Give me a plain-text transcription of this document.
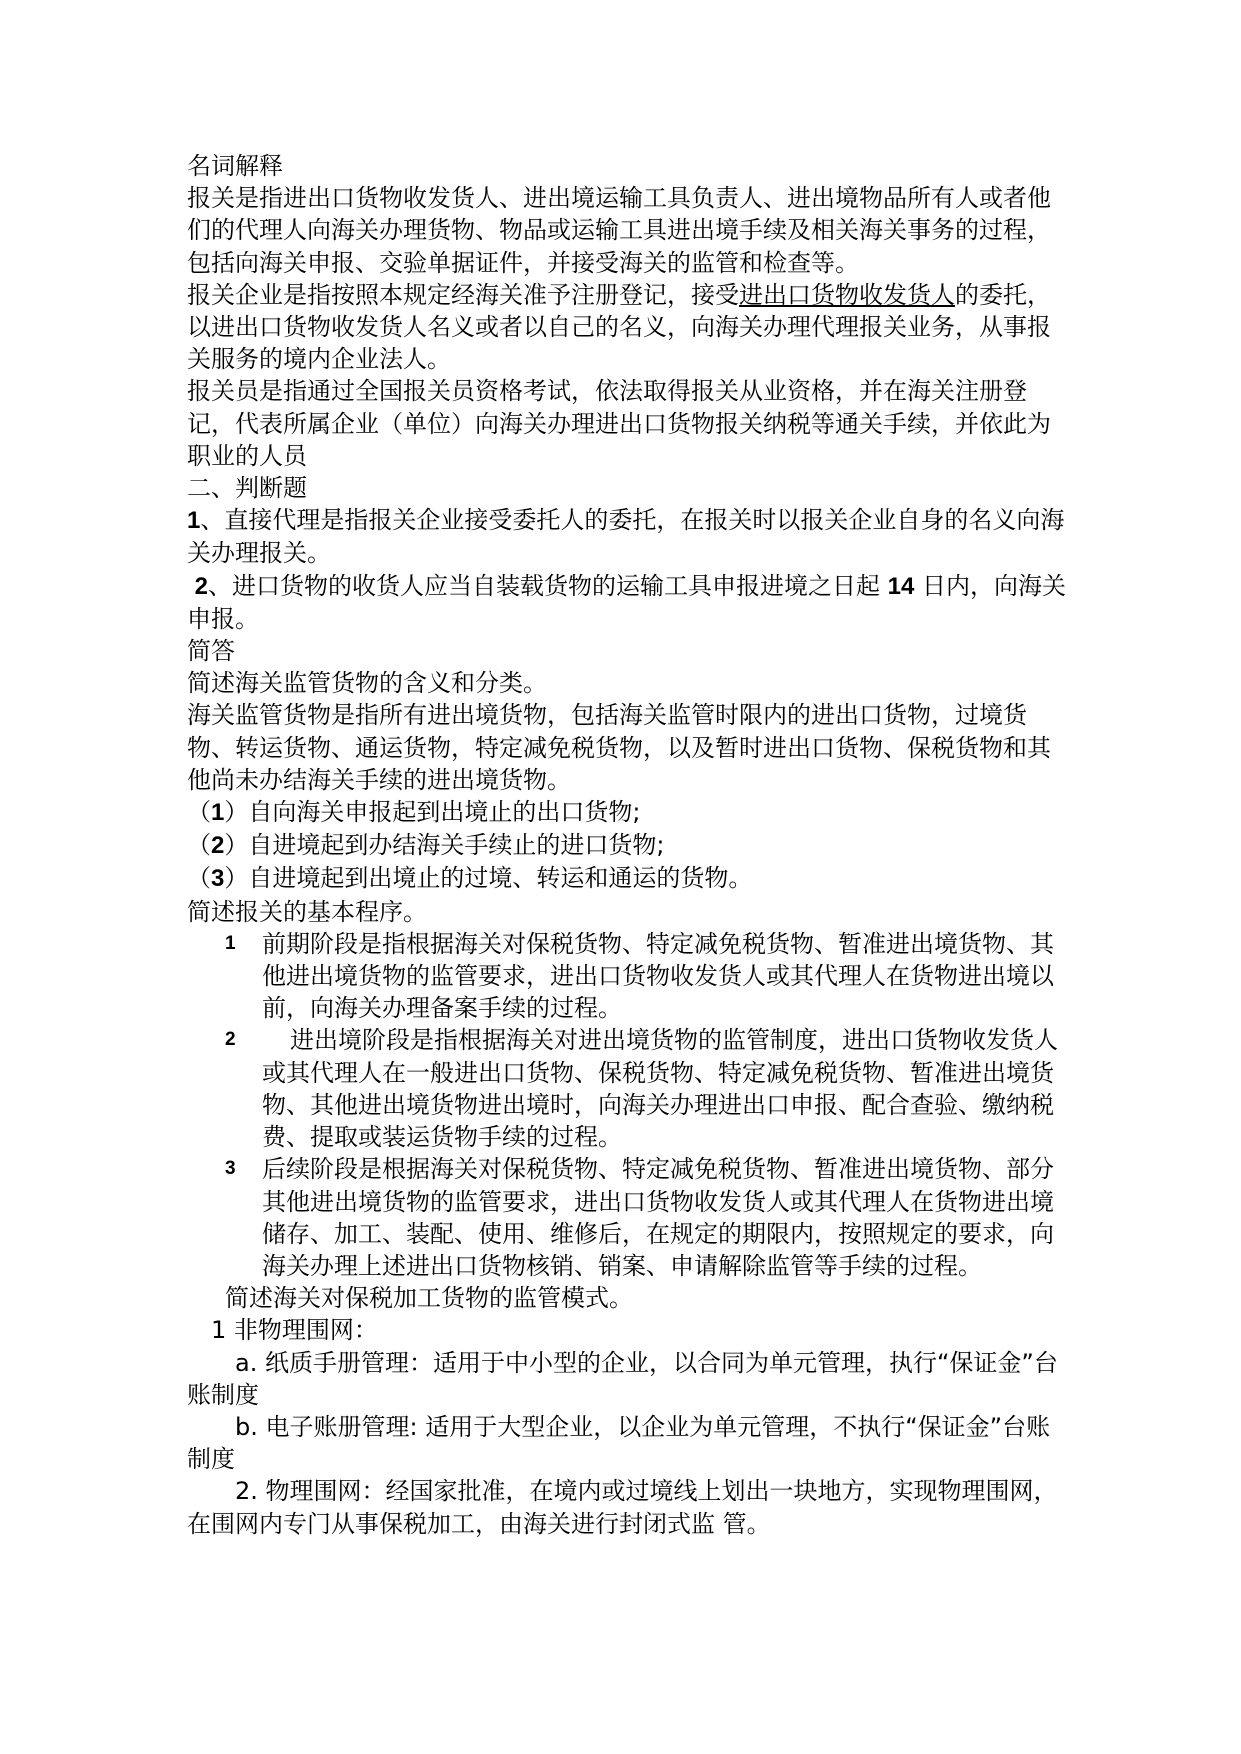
名词解释

报关是指进出口货物收发货人、进出境运输工具负责人、进出境物品所有人或者他们的代理人向海关办理货物、物品或运输工具进出境手续及相关海关事务的过程，包括向海关申报、交验单据证件，并接受海关的监管和检查等。

报关企业是指按照本规定经海关准予注册登记，接受进出口货物收发货人的委托，以进出口货物收发货人名义或者以自己的名义，向海关办理代理报关业务，从事报关服务的境内企业法人。

报关员是指通过全国报关员资格考试，依法取得报关从业资格，并在海关注册登记，代表所属企业（单位）向海关办理进出口货物报关纳税等通关手续，并依此为职业的人员

二、判断题

1、直接代理是指报关企业接受委托人的委托，在报关时以报关企业自身的名义向海关办理报关。

2、进口货物的收货人应当自装载货物的运输工具申报进境之日起 14 日内，向海关申报。

简答

简述海关监管货物的含义和分类。

海关监管货物是指所有进出境货物，包括海关监管时限内的进出口货物，过境货物、转运货物、通运货物，特定减免税货物，以及暂时进出口货物、保税货物和其他尚未办结海关手续的进出境货物。

（1）自向海关申报起到出境止的出口货物;

（2）自进境起到办结海关手续止的进口货物;

（3）自进境起到出境止的过境、转运和通运的货物。

简述报关的基本程序。

1 前期阶段是指根据海关对保税货物、特定减免税货物、暂准进出境货物、其他进出境货物的监管要求，进出口货物收发货人或其代理人在货物进出境以前，向海关办理备案手续的过程。
2 进出境阶段是指根据海关对进出境货物的监管制度，进出口货物收发货人或其代理人在一般进出口货物、保税货物、特定减免税货物、暂准进出境货物、其他进出境货物进出境时，向海关办理进出口申报、配合查验、缴纳税费、提取或装运货物手续的过程。
3 后续阶段是根据海关对保税货物、特定减免税货物、暂准进出境货物、部分其他进出境货物的监管要求，进出口货物收发货人或其代理人在货物进出境储存、加工、装配、使用、维修后，在规定的期限内，按照规定的要求，向海关办理上述进出口货物核销、销案、申请解除监管等手续的过程。

简述海关对保税加工货物的监管模式。

1 非物理围网：

a. 纸质手册管理：适用于中小型的企业，以合同为单元管理，执行“保证金”台账制度

b. 电子账册管理: 适用于大型企业，以企业为单元管理，不执行“保证金”台账制度

2. 物理围网：经国家批准，在境内或过境线上划出一块地方，实现物理围网，在围网内专门从事保税加工，由海关进行封闭式监 管。
